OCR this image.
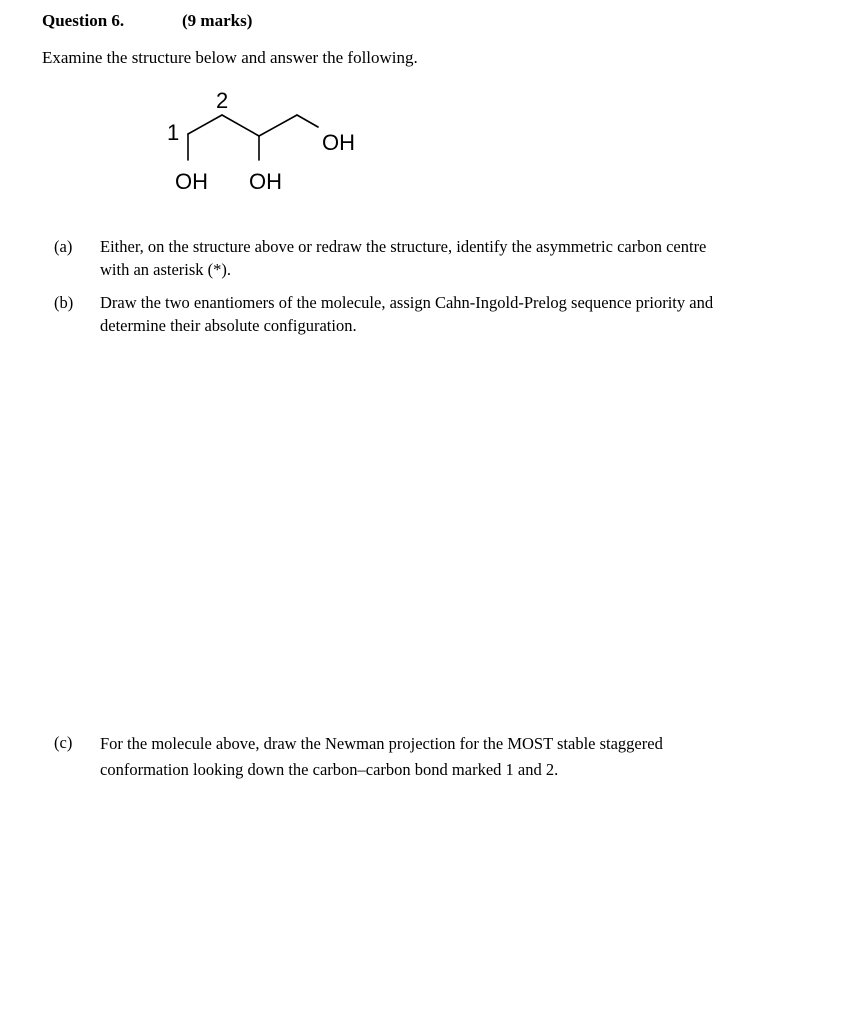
Question 6.	(9 marks)
Examine the structure below and answer the following.
2
1	OH
OH OH
(a) Either, on the structure above or redraw the structure, identify the asymmetric carbon centre
with an asterisk (*).
(b) Draw the two enantiomers of the molecule, assign Cahn-Ingold-Prelog sequence priority and
determine their absolute configuration.
(c) For the molecule above, draw the Newman projection for the MOST stable staggered
conformation looking down the carbon–carbon bond marked 1 and 2.
